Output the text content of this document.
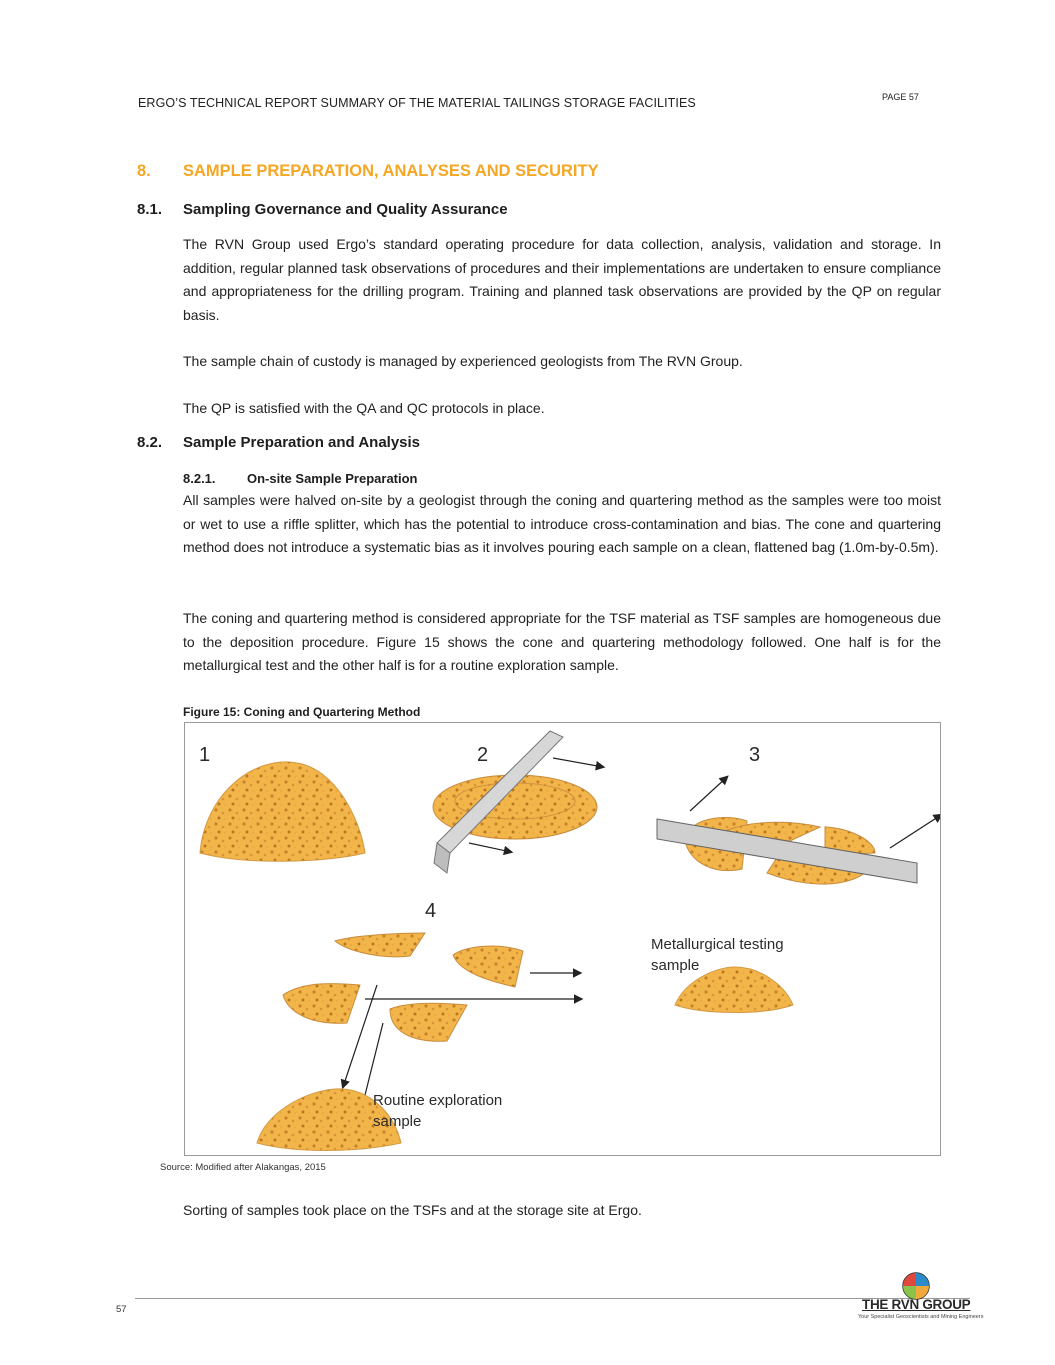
ERGO’S TECHNICAL REPORT SUMMARY OF THE MATERIAL TAILINGS STORAGE FACILITIES	PAGE 57
8. SAMPLE PREPARATION, ANALYSES AND SECURITY
8.1. Sampling Governance and Quality Assurance
The RVN Group used Ergo’s standard operating procedure for data collection, analysis, validation and storage. In addition, regular planned task observations of procedures and their implementations are undertaken to ensure compliance and appropriateness for the drilling program. Training and planned task observations are provided by the QP on regular basis.
The sample chain of custody is managed by experienced geologists from The RVN Group.
The QP is satisfied with the QA and QC protocols in place.
8.2. Sample Preparation and Analysis
8.2.1. On-site Sample Preparation
All samples were halved on-site by a geologist through the coning and quartering method as the samples were too moist or wet to use a riffle splitter, which has the potential to introduce cross-contamination and bias. The cone and quartering method does not introduce a systematic bias as it involves pouring each sample on a clean, flattened bag (1.0m-by-0.5m).
The coning and quartering method is considered appropriate for the TSF material as TSF samples are homogeneous due to the deposition procedure. Figure 15 shows the cone and quartering methodology followed. One half is for the metallurgical test and the other half is for a routine exploration sample.
Figure 15: Coning and Quartering Method
1	2	3
4
Metallurgical testing
sample
Routine exploration
sample
Source: Modified after Alakangas, 2015
Sorting of samples took place on the TSFs and at the storage site at Ergo.
57	THE RVN GROUP
Your Specialist Geoscientists and Mining Engineers
